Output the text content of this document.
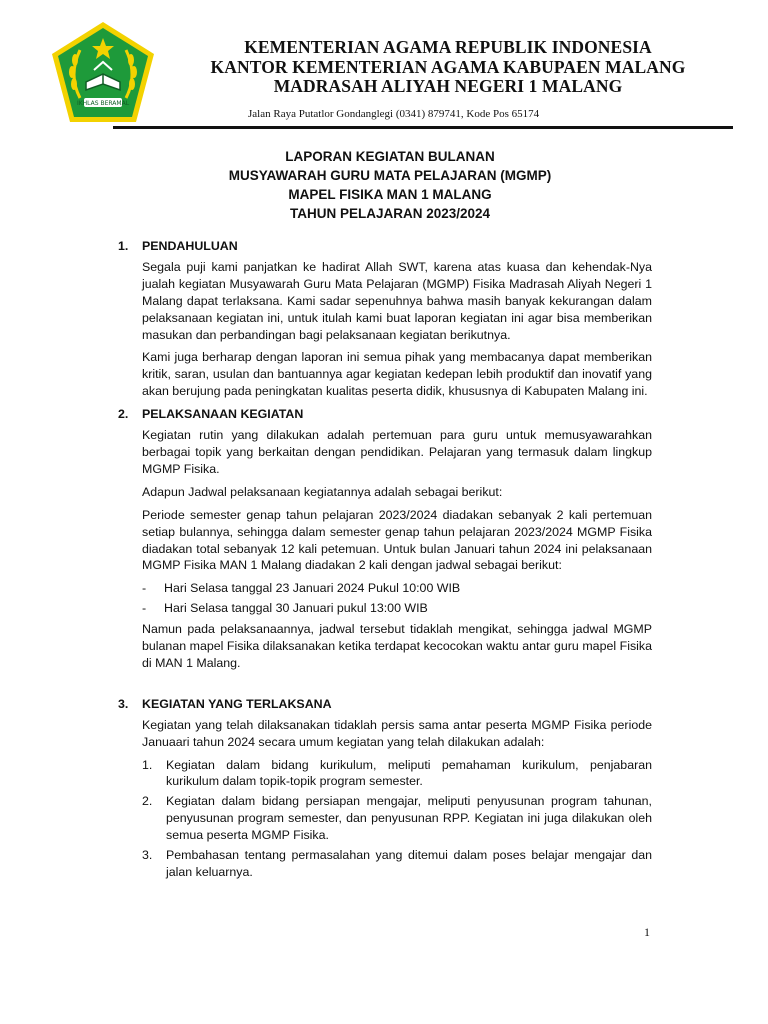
IKHLAS BERAMAL
KEMENTERIAN AGAMA REPUBLIK INDONESIA
KANTOR KEMENTERIAN AGAMA KABUPAEN MALANG
MADRASAH ALIYAH NEGERI 1 MALANG
Jalan Raya Putatlor Gondanglegi (0341) 879741, Kode Pos 65174
LAPORAN KEGIATAN BULANAN
MUSYAWARAH GURU MATA PELAJARAN (MGMP)
MAPEL FISIKA MAN 1 MALANG
TAHUN PELAJARAN 2023/2024
1.	PENDAHULUAN
Segala puji kami panjatkan ke hadirat Allah SWT, karena atas kuasa dan kehendak-Nya jualah kegiatan Musyawarah Guru Mata Pelajaran (MGMP) Fisika Madrasah Aliyah Negeri 1 Malang dapat terlaksana. Kami sadar sepenuhnya bahwa masih banyak kekurangan dalam pelaksanaan kegiatan ini, untuk itulah kami buat laporan kegiatan ini agar bisa memberikan masukan dan perbandingan bagi pelaksanaan kegiatan berikutnya.
Kami juga berharap dengan laporan ini semua pihak yang membacanya dapat memberikan kritik, saran, usulan dan bantuannya agar kegiatan kedepan lebih produktif dan inovatif yang akan berujung pada peningkatan kualitas peserta didik, khususnya di Kabupaten Malang ini.
2.	PELAKSANAAN KEGIATAN
Kegiatan rutin yang dilakukan adalah pertemuan para guru untuk memusyawarahkan berbagai topik yang berkaitan dengan pendidikan. Pelajaran yang termasuk dalam lingkup MGMP Fisika.
Adapun Jadwal pelaksanaan kegiatannya adalah sebagai berikut:
Periode semester genap tahun pelajaran 2023/2024 diadakan sebanyak 2 kali pertemuan setiap bulannya, sehingga dalam semester genap tahun pelajaran 2023/2024 MGMP Fisika diadakan total sebanyak 12 kali petemuan. Untuk bulan Januari tahun 2024 ini pelaksanaan MGMP Fisika MAN 1 Malang diadakan 2 kali dengan jadwal sebagai berikut:
-	Hari Selasa tanggal 23 Januari 2024 Pukul 10:00 WIB
-	Hari Selasa tanggal 30 Januari pukul 13:00 WIB
Namun pada pelaksanaannya, jadwal tersebut tidaklah mengikat, sehingga jadwal MGMP bulanan mapel Fisika dilaksanakan ketika terdapat kecocokan waktu antar guru mapel Fisika di MAN 1 Malang.
3.	KEGIATAN YANG TERLAKSANA
Kegiatan yang telah dilaksanakan tidaklah persis sama antar peserta MGMP Fisika periode Januaari tahun 2024 secara umum kegiatan yang telah dilakukan adalah:
1.	Kegiatan dalam bidang kurikulum, meliputi pemahaman kurikulum, penjabaran kurikulum dalam topik-topik program semester.
2.	Kegiatan dalam bidang persiapan mengajar, meliputi penyusunan program tahunan, penyusunan program semester, dan penyusunan RPP. Kegiatan ini juga dilakukan oleh semua peserta MGMP Fisika.
3.	Pembahasan tentang permasalahan yang ditemui dalam poses belajar mengajar dan jalan keluarnya.
1
